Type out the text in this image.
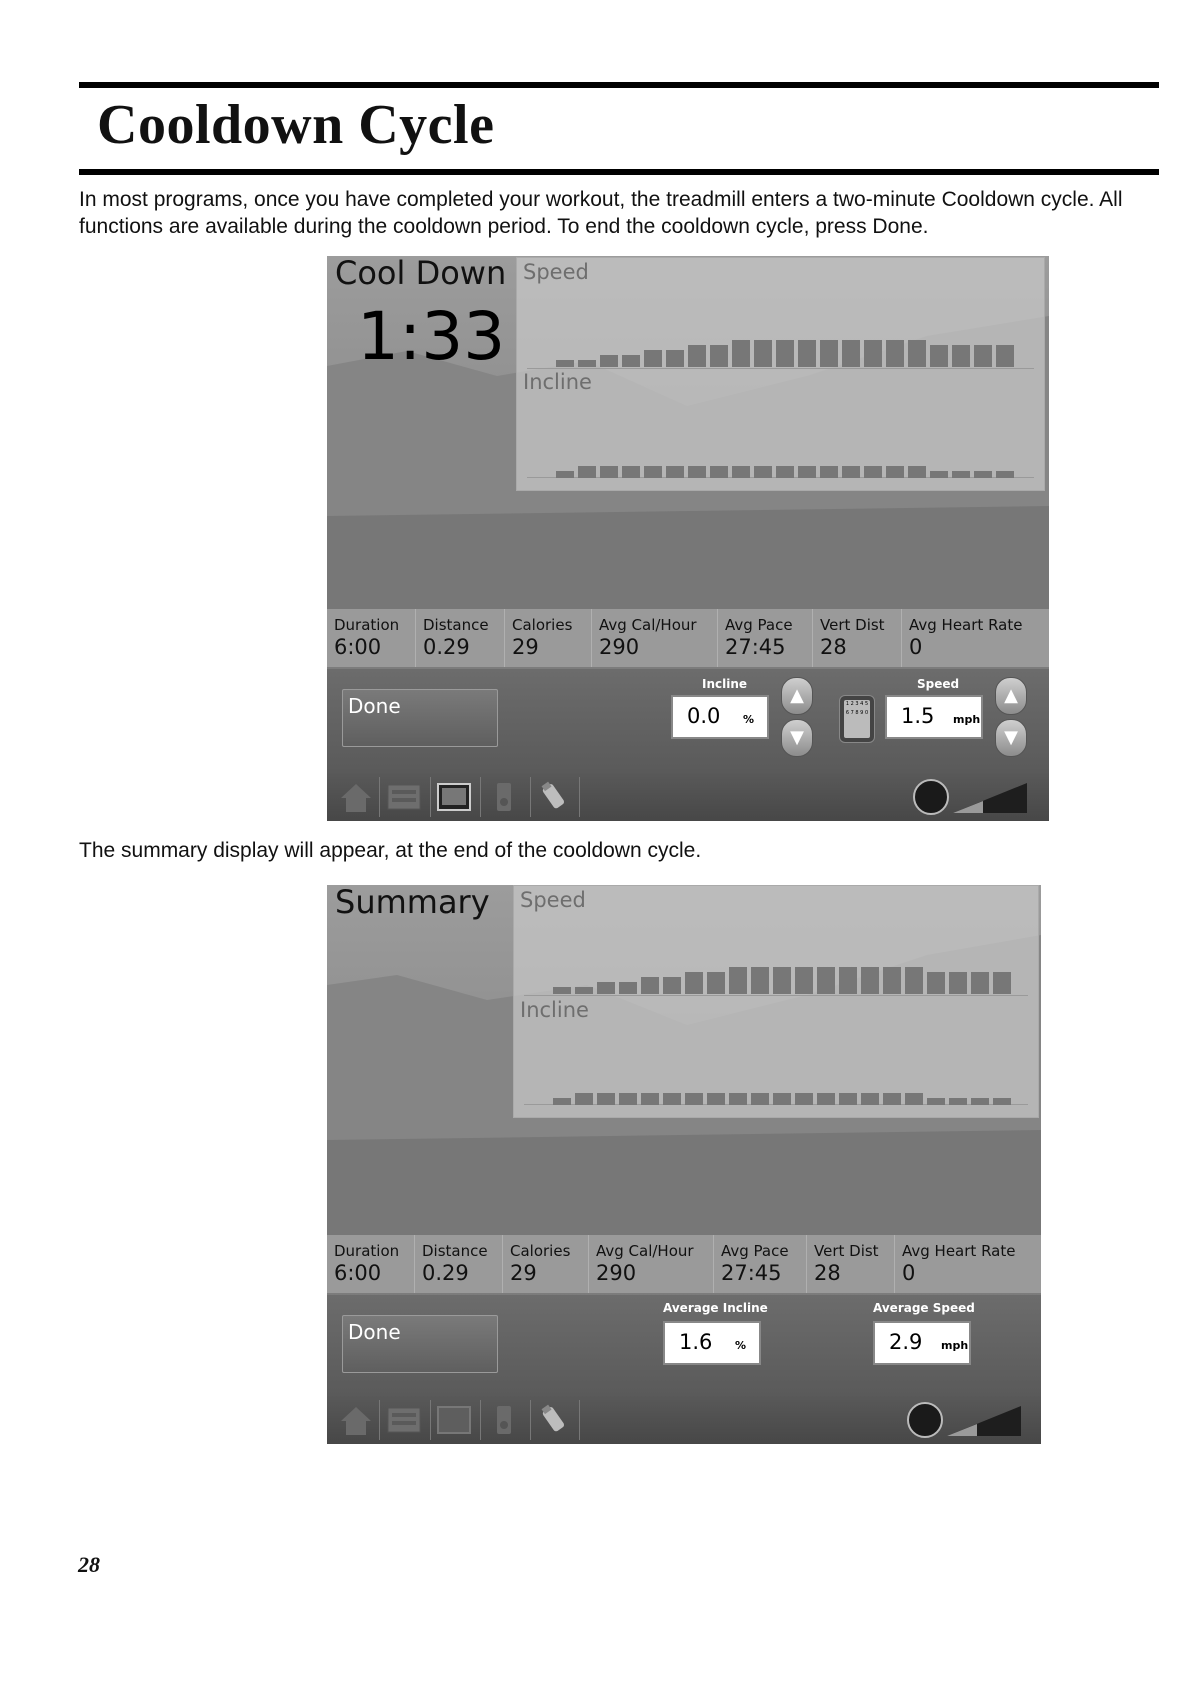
Cooldown Cycle

In most programs, once you have completed your workout, the treadmill enters a two-minute Cooldown cycle. All functions are available during the cooldown period. To end the cooldown cycle, press Done.

Cool Down
1:33
Speed
Incline
Duration
6:00
Distance
0.29
Calories
29
Avg Cal/Hour
290
Avg Pace
27:45
Vert Dist
28
Avg Heart Rate
0
Done
Incline
0.0 %
▲
▼
1 2 3 4 5 6 7 8 9 0
Speed
1.5 mph
▲
▼

The summary display will appear, at the end of the cooldown cycle.

Summary Speed
Incline
Duration
6:00
Distance
0.29
Calories
29
Avg Cal/Hour
290
Avg Pace
27:45
Vert Dist
28
Avg Heart Rate
0
Done
Average Incline
1.6 %
Average Speed
2.9 mph
28
